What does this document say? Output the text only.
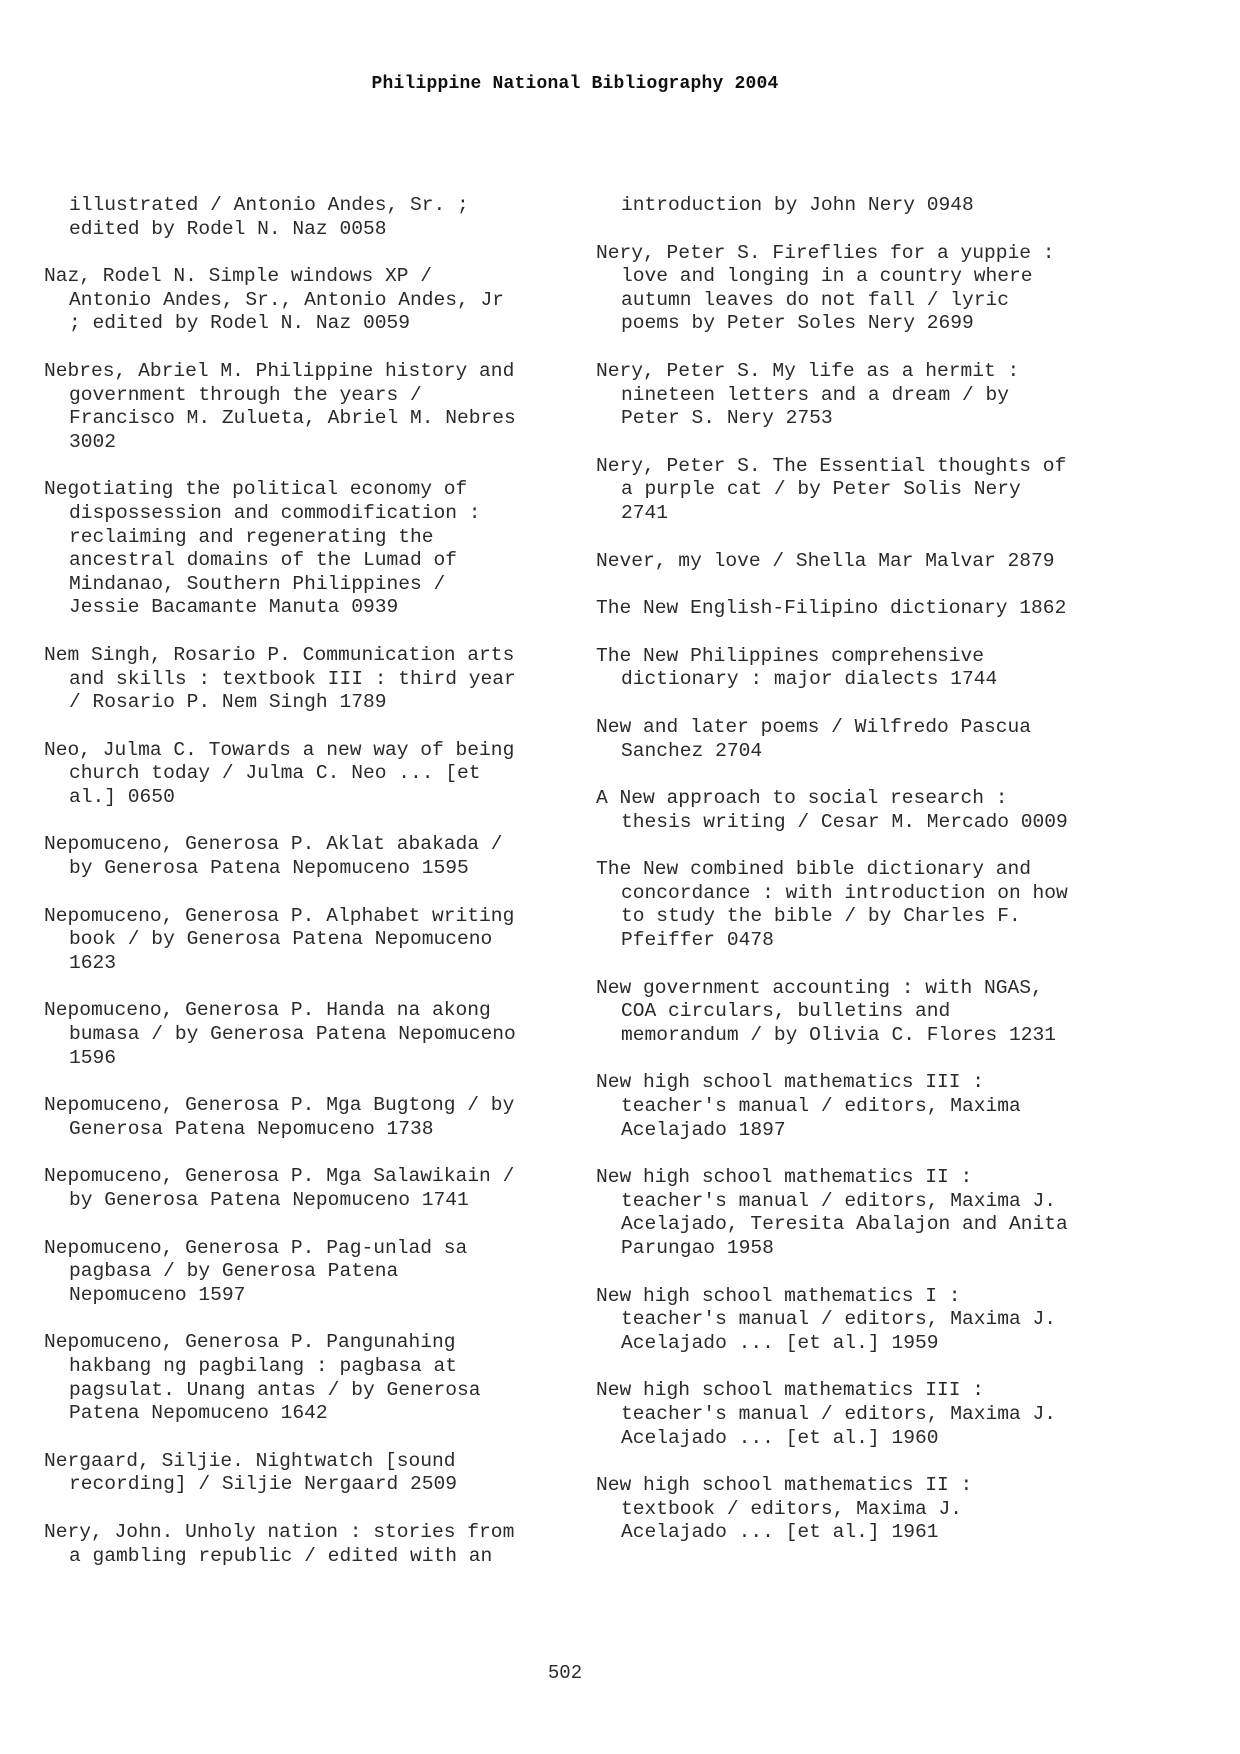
Philippine National Bibliography 2004
illustrated / Antonio Andes, Sr. ;
edited by Rodel N. Naz 0058
Naz, Rodel N. Simple windows XP /
Antonio Andes, Sr., Antonio Andes, Jr
; edited by Rodel N. Naz 0059
Nebres, Abriel M. Philippine history and
government through the years /
Francisco M. Zulueta, Abriel M. Nebres
3002
Negotiating the political economy of
dispossession and commodification :
reclaiming and regenerating the
ancestral domains of the Lumad of
Mindanao, Southern Philippines /
Jessie Bacamante Manuta 0939
Nem Singh, Rosario P. Communication arts
and skills : textbook III : third year
/ Rosario P. Nem Singh 1789
Neo, Julma C. Towards a new way of being
church today / Julma C. Neo ... [et
al.] 0650
Nepomuceno, Generosa P. Aklat abakada /
by Generosa Patena Nepomuceno 1595
Nepomuceno, Generosa P. Alphabet writing
book / by Generosa Patena Nepomuceno
1623
Nepomuceno, Generosa P. Handa na akong
bumasa / by Generosa Patena Nepomuceno
1596
Nepomuceno, Generosa P. Mga Bugtong / by
Generosa Patena Nepomuceno 1738
Nepomuceno, Generosa P. Mga Salawikain /
by Generosa Patena Nepomuceno 1741
Nepomuceno, Generosa P. Pag-unlad sa
pagbasa / by Generosa Patena
Nepomuceno 1597
Nepomuceno, Generosa P. Pangunahing
hakbang ng pagbilang : pagbasa at
pagsulat. Unang antas / by Generosa
Patena Nepomuceno 1642
Nergaard, Siljie. Nightwatch [sound
recording] / Siljie Nergaard 2509
Nery, John. Unholy nation : stories from
a gambling republic / edited with an
introduction by John Nery 0948
Nery, Peter S. Fireflies for a yuppie :
love and longing in a country where
autumn leaves do not fall / lyric
poems by Peter Soles Nery 2699
Nery, Peter S. My life as a hermit :
nineteen letters and a dream / by
Peter S. Nery 2753
Nery, Peter S. The Essential thoughts of
a purple cat / by Peter Solis Nery
2741
Never, my love / Shella Mar Malvar 2879
The New English-Filipino dictionary 1862
The New Philippines comprehensive
dictionary : major dialects 1744
New and later poems / Wilfredo Pascua
Sanchez 2704
A New approach to social research :
thesis writing / Cesar M. Mercado 0009
The New combined bible dictionary and
concordance : with introduction on how
to study the bible / by Charles F.
Pfeiffer 0478
New government accounting : with NGAS,
COA circulars, bulletins and
memorandum / by Olivia C. Flores 1231
New high school mathematics III :
teacher's manual / editors, Maxima
Acelajado 1897
New high school mathematics II :
teacher's manual / editors, Maxima J.
Acelajado, Teresita Abalajon and Anita
Parungao 1958
New high school mathematics I :
teacher's manual / editors, Maxima J.
Acelajado ... [et al.] 1959
New high school mathematics III :
teacher's manual / editors, Maxima J.
Acelajado ... [et al.] 1960
New high school mathematics II :
textbook / editors, Maxima J.
Acelajado ... [et al.] 1961
502
